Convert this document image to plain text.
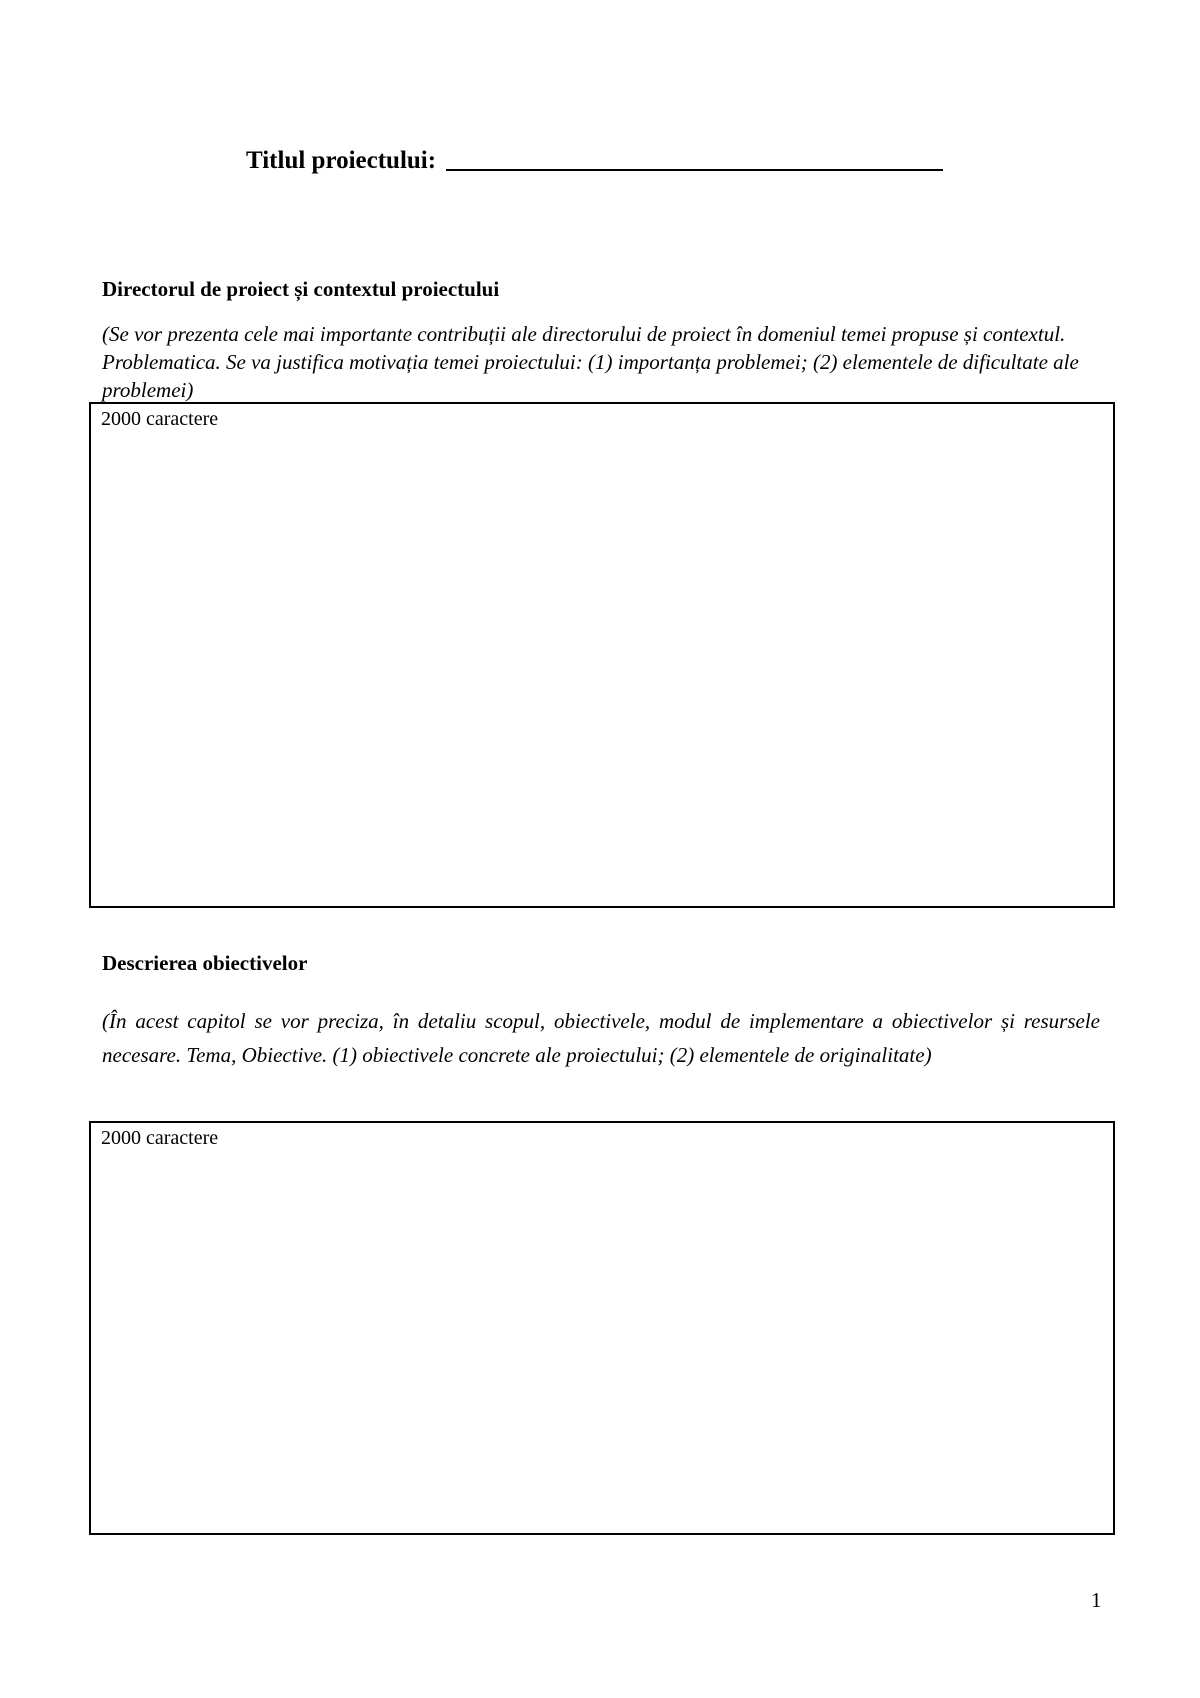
Titlul proiectului:
Directorul de proiect și contextul proiectului

(Se vor prezenta cele mai importante contribuții ale directorului de proiect în domeniul temei propuse și contextul. Problematica. Se va justifica motivația temei proiectului: (1) importanța problemei; (2) elementele de dificultate ale problemei)

2000 caractere
Descrierea obiectivelor

(În acest capitol se vor preciza, în detaliu scopul, obiectivele, modul de implementare a obiectivelor și resursele necesare. Tema, Obiective. (1) obiectivele concrete ale proiectului; (2) elementele de originalitate)

2000 caractere
1
